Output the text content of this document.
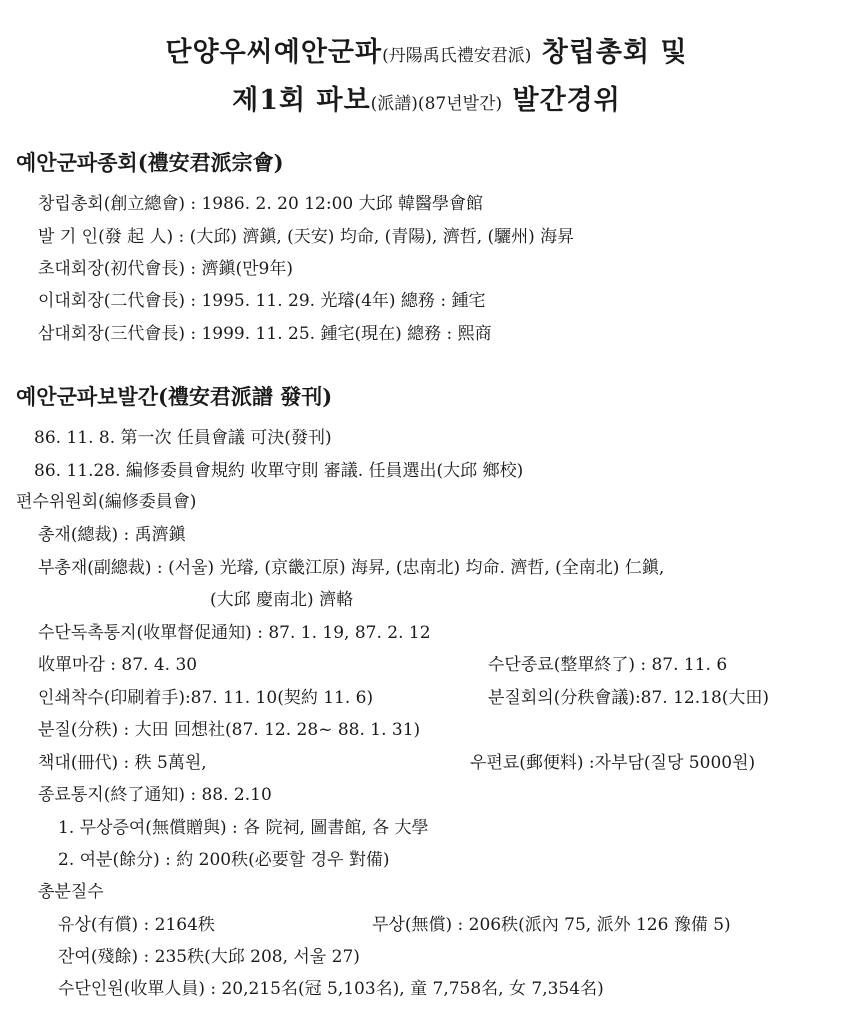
단양우씨예안군파(丹陽禹氏禮安君派) 창립총회 및
제1회 파보(派譜)(87년발간) 발간경위
예안군파종회(禮安君派宗會)
창립총회(創立總會) : 1986. 2. 20 12:00 大邱 韓醫學會館
발 기 인(發 起 人) : (大邱) 濟鎭, (天安) 均命, (青陽), 濟哲, (驪州) 海昇
초대회장(初代會長) : 濟鎭(만9年)
이대회장(二代會長) : 1995. 11. 29. 光璿(4年) 總務 : 鍾宅
삼대회장(三代會長) : 1999. 11. 25. 鍾宅(現在) 總務 : 熙商
예안군파보발간(禮安君派譜 發刊)
86. 11. 8. 第一次 任員會議 可決(發刊)
86. 11.28. 編修委員會規約 收單守則 審議. 任員選出(大邱 鄉校)
편수위원회(編修委員會)
총재(總裁) : 禹濟鎭
부총재(副總裁) : (서울) 光璿, (京畿江原) 海昇, (忠南北) 均命. 濟哲, (全南北) 仁鎭,
(大邱 慶南北) 濟輅
수단독촉통지(收單督促通知) : 87. 1. 19, 87. 2. 12
收單마감 : 87. 4. 30	수단종료(整單終了) : 87. 11. 6
인쇄착수(印刷着手):87. 11. 10(契約 11. 6)	분질회의(分秩會議):87. 12.18(大田)
분질(分秩) : 大田 回想社(87. 12. 28~ 88. 1. 31)
책대(冊代) : 秩 5萬원,	우편료(郵便料) :자부담(질당 5000원)
종료통지(終了通知) : 88. 2.10
1. 무상증여(無償贈與) : 各 院祠, 圖書館, 各 大學
2. 여분(餘分) : 約 200秩(必要할 경우 對備)
총분질수
유상(有償) : 2164秩	무상(無償) : 206秩(派內 75, 派外 126 豫備 5)
잔여(殘餘) : 235秩(大邱 208, 서울 27)
수단인원(收單人員) : 20,215名(冠 5,103名), 童 7,758名, 女 7,354名)
